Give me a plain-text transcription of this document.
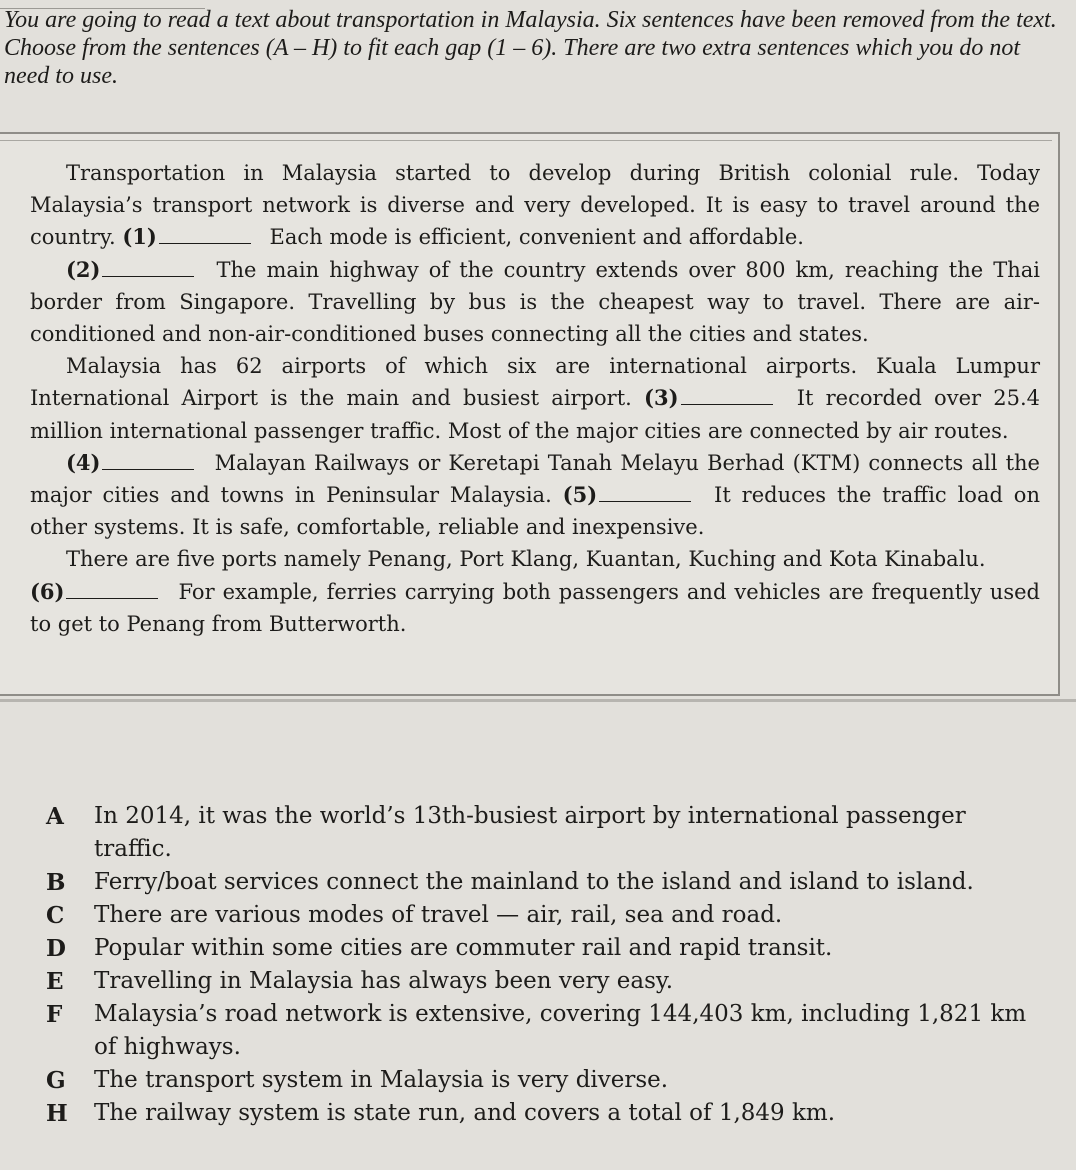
You are going to read a text about transportation in Malaysia. Six sentences have been removed from the text. Choose from the sentences (A – H) to fit each gap (1 – 6). There are two extra sentences which you do not need to use.

Transportation in Malaysia started to develop during British colonial rule. Today Malaysia’s transport network is diverse and very developed. It is easy to travel around the country. (1)	Each mode is efficient, convenient and affordable.

(2)	The main highway of the country extends over 800 km, reaching the Thai border from Singapore. Travelling by bus is the cheapest way to travel. There are air-conditioned and non-air-conditioned buses connecting all the cities and states.

Malaysia has 62 airports of which six are international airports. Kuala Lumpur International Airport is the main and busiest airport. (3)	It recorded over 25.4 million international passenger traffic. Most of the major cities are connected by air routes.

(4)	Malayan Railways or Keretapi Tanah Melayu Berhad (KTM) connects all the major cities and towns in Peninsular Malaysia. (5)	It reduces the traffic load on other systems. It is safe, comfortable, reliable and inexpensive.

There are five ports namely Penang, Port Klang, Kuantan, Kuching and Kota Kinabalu.

(6)	For example, ferries carrying both passengers and vehicles are frequently used to get to Penang from Butterworth.

A	In 2014, it was the world’s 13th-busiest airport by international passenger traffic.
B	Ferry/boat services connect the mainland to the island and island to island.
C	There are various modes of travel — air, rail, sea and road.
D	Popular within some cities are commuter rail and rapid transit.
E	Travelling in Malaysia has always been very easy.
F	Malaysia’s road network is extensive, covering 144,403 km, including 1,821 km of highways.
G	The transport system in Malaysia is very diverse.
H	The railway system is state run, and covers a total of 1,849 km.
